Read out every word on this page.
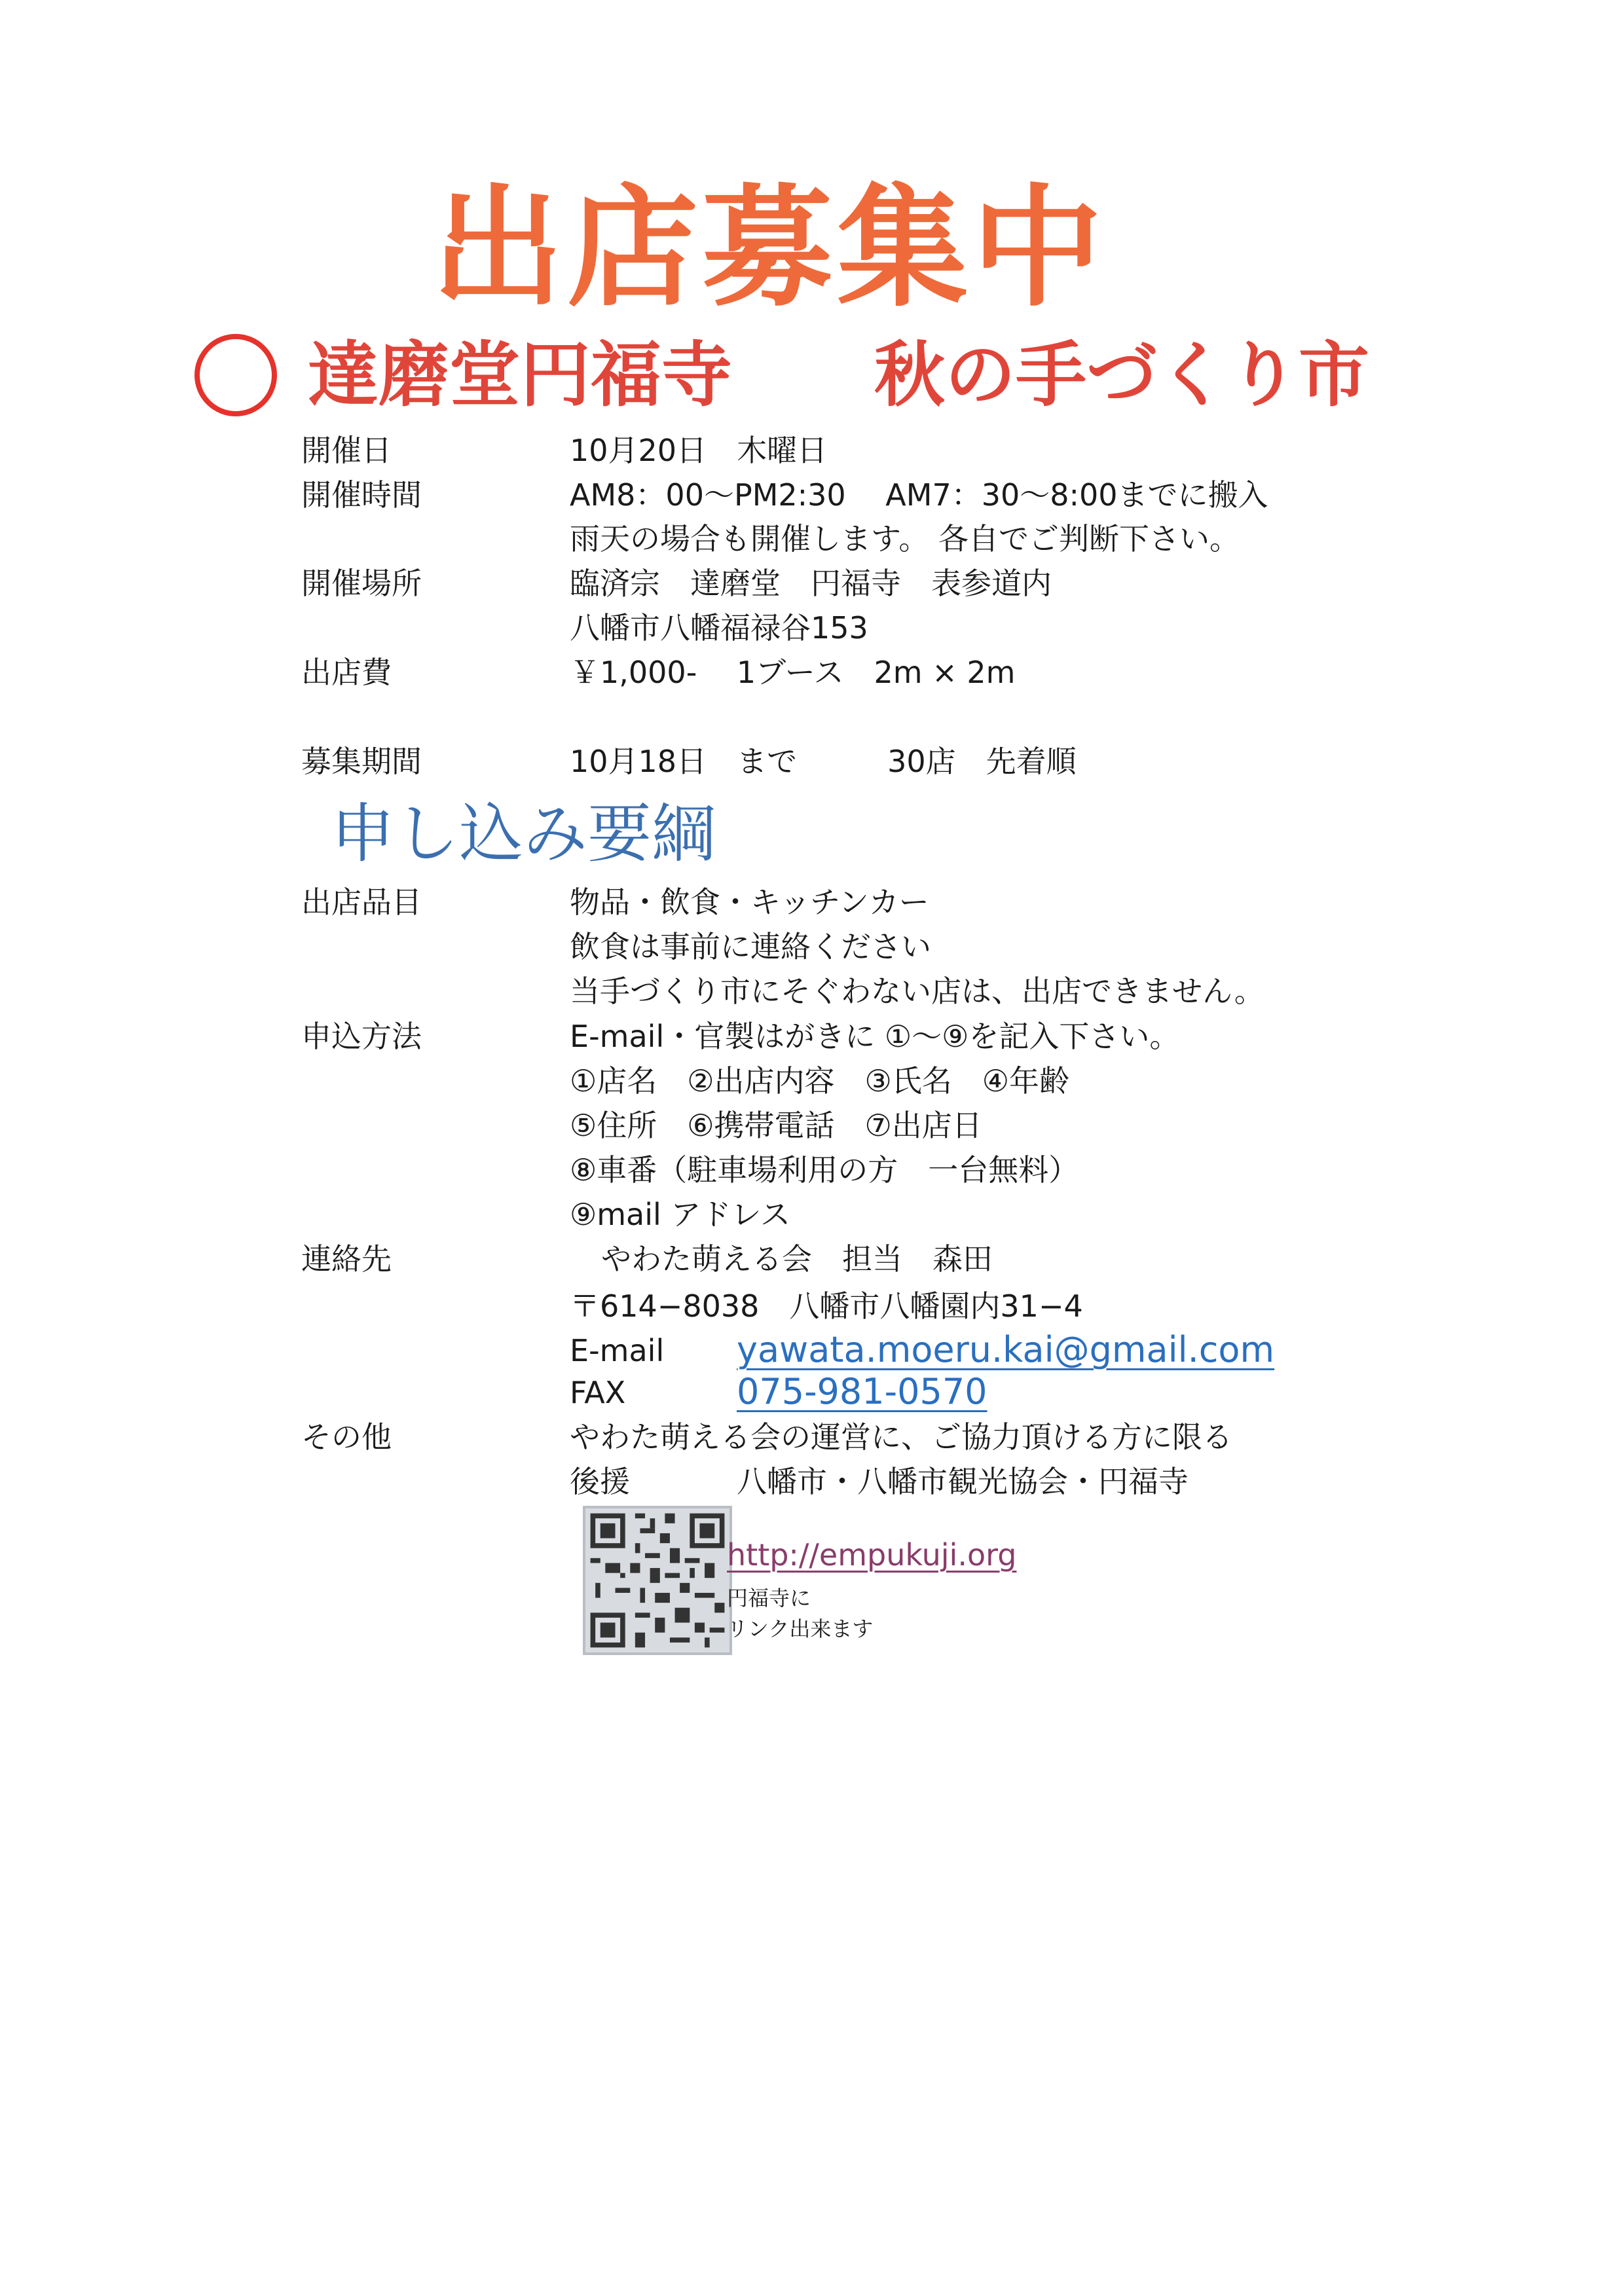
出店募集中
達磨堂円福寺 秋の手づくり市
開催日	10月20日　木曜日
開催時間	AM8：00～PM2:30　 AM7：30～8:00までに搬入
雨天の場合も開催します。 各自でご判断下さい。
開催場所	臨済宗　達磨堂　円福寺　表参道内
八幡市八幡福禄谷153
出店費	￥1,000-　 1ブース　2m × 2m
募集期間	10月18日　まで　　　30店　先着順
申し込み要綱
出店品目	物品・飲食・キッチンカー
飲食は事前に連絡ください
当手づくり市にそぐわない店は、出店できません。
申込方法	E-mail・官製はがきに ①～⑨を記入下さい。
①店名　②出店内容　③氏名　④年齢
⑤住所　⑥携帯電話　⑦出店日
⑧車番（駐車場利用の方　一台無料）
⑨mail アドレス
連絡先	やわた萌える会　担当　森田
〒614−8038　八幡市八幡園内31−4
E-mail yawata.moeru.kai@gmail.com
FAX	075-981-0570
その他	やわた萌える会の運営に、ご協力頂ける方に限る
後援	八幡市・八幡市観光協会・円福寺
http://empukuji.org
円福寺に
リンク出来ます
